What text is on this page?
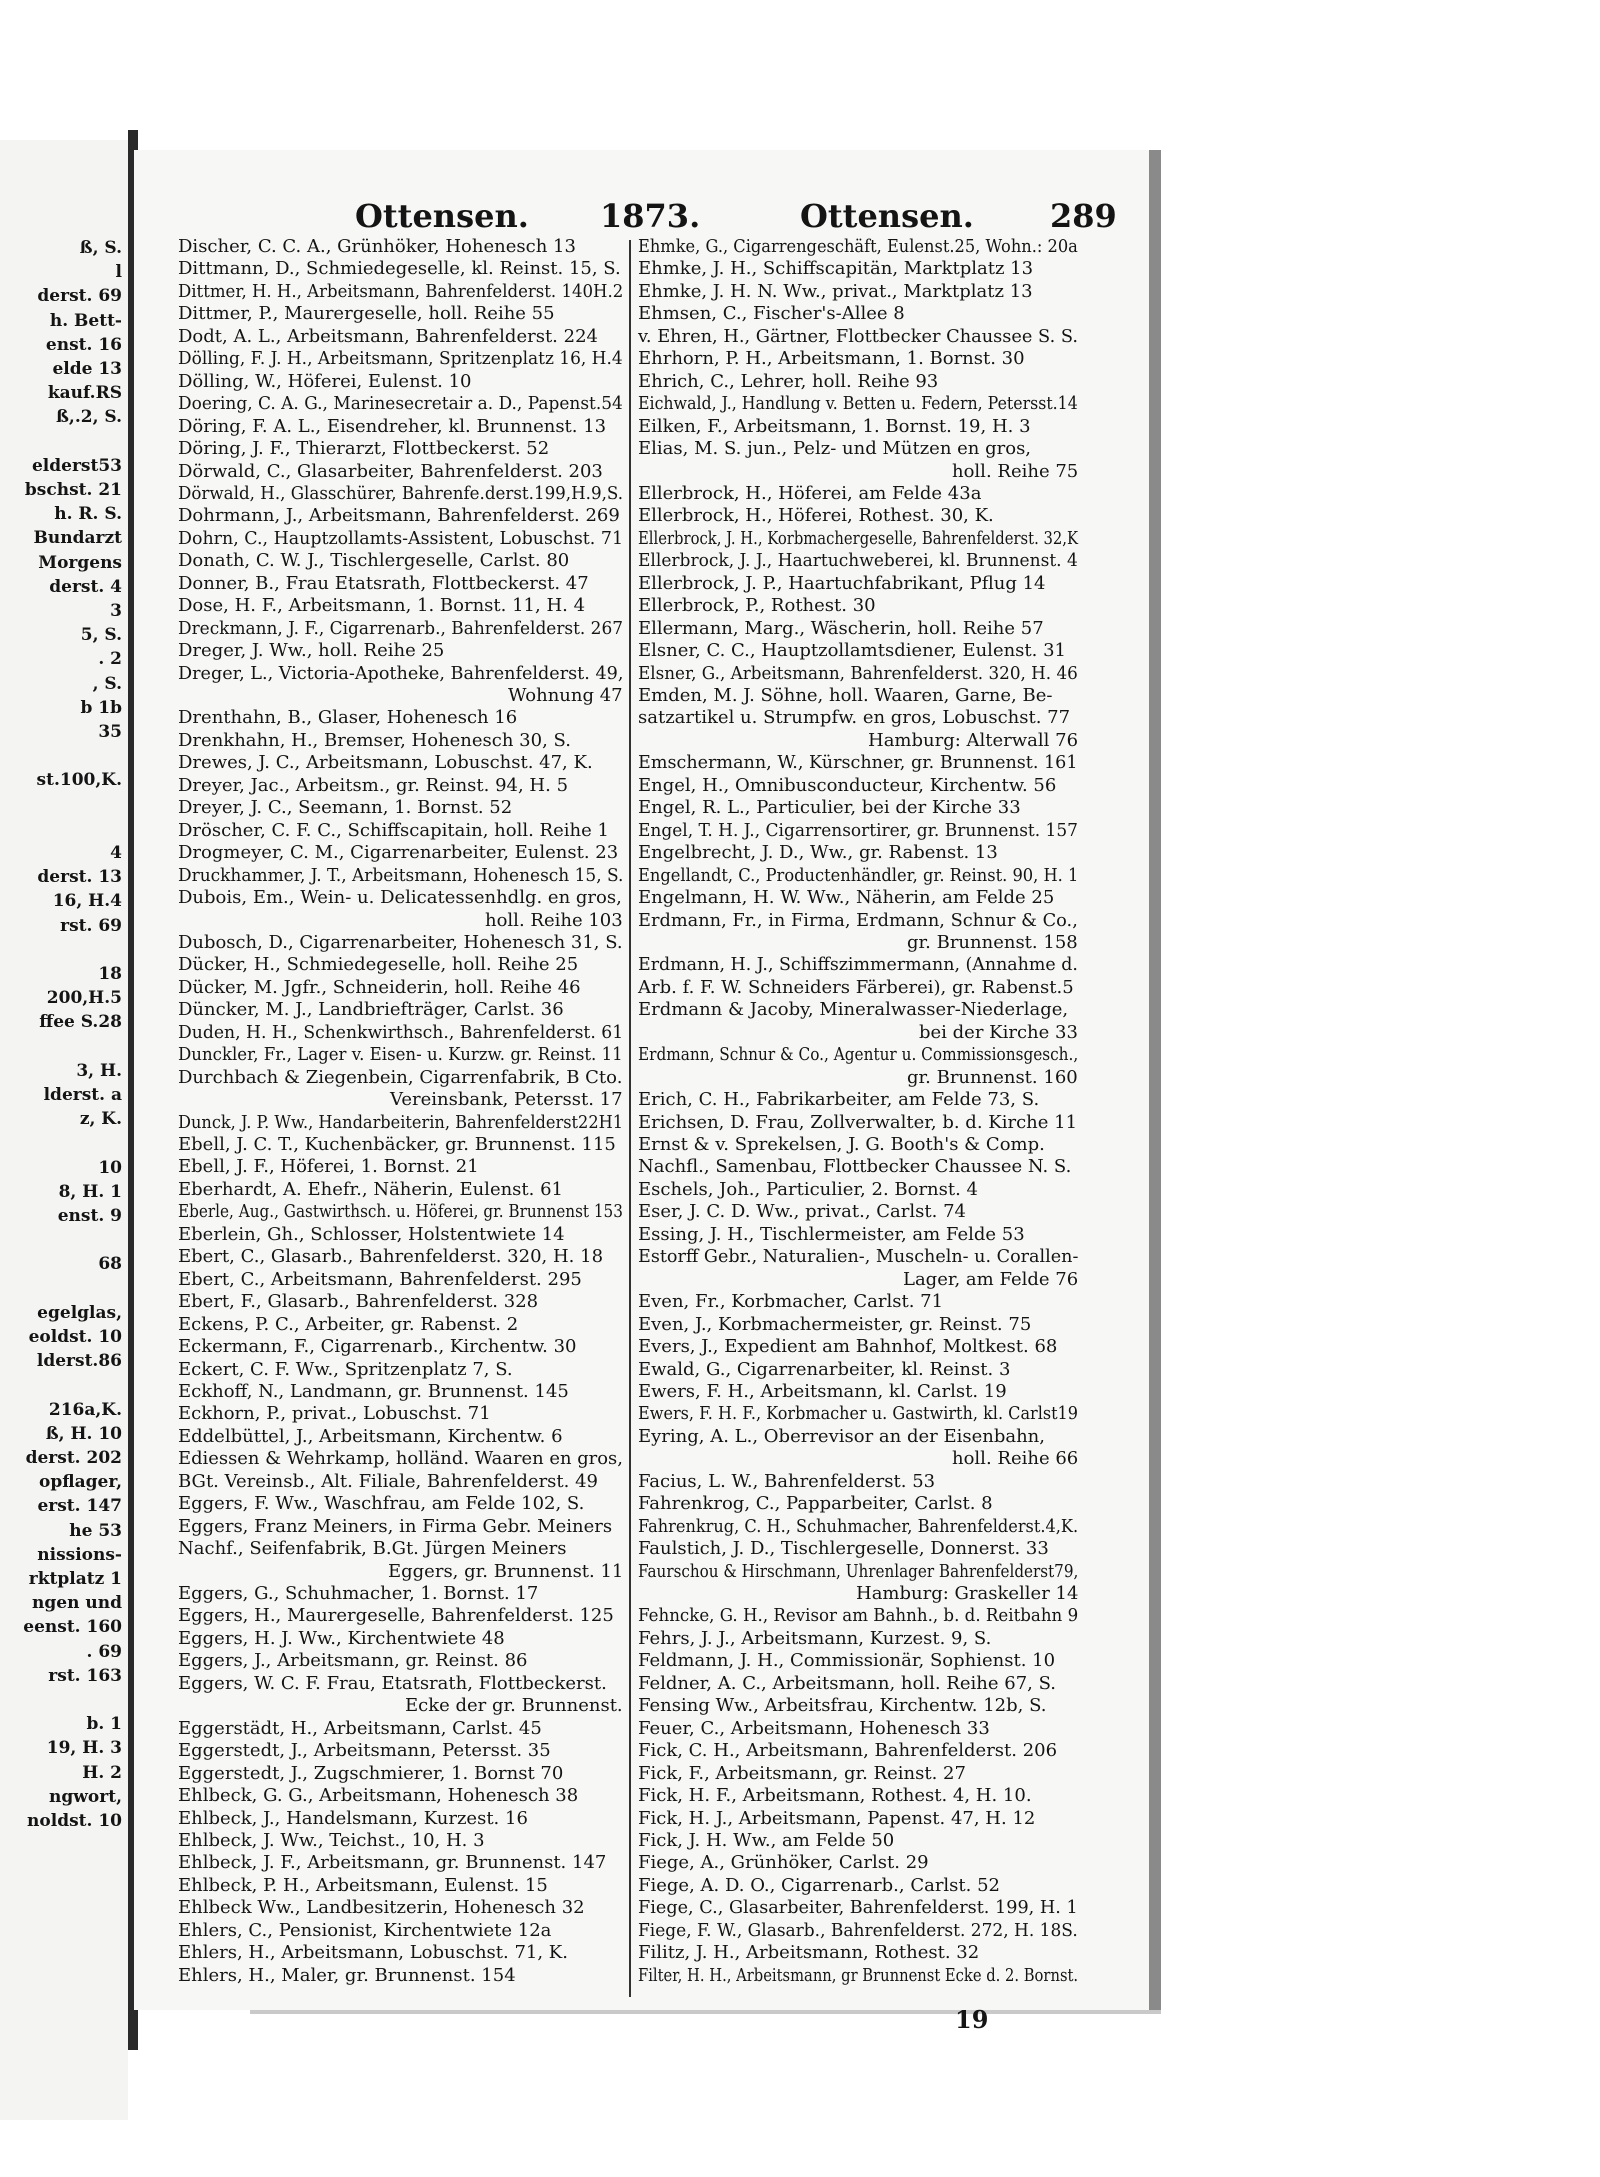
ß, S.
l
derst. 69
h. Bett-
enst. 16
elde 13
kauf.RS
ß,.2, S.
elderst53
bschst. 21
h. R. S.
Bundarzt
Morgens
derst. 4
3
5, S.
. 2
, S.
b 1b
35
st.100,K.
4
derst. 13
16, H.4
rst. 69
18
200,H.5
ffee S.28
3, H.
lderst. a
z, K.
10
8, H. 1
enst. 9
68
egelglas,
eoldst. 10
lderst.86
216a,K.
ß, H. 10
derst. 202
opflager,
erst. 147
he 53
nissions-
rktplatz 1
ngen und
eenst. 160
. 69
rst. 163
b. 1
19, H. 3
H. 2
ngwort,
noldst. 10
Ottensen. 1873.	Ottensen. 289
Discher, C. C. A., Grünhöker, Hohenesch 13
Dittmann, D., Schmiedegeselle, kl. Reinst. 15, S.
Dittmer, H. H., Arbeitsmann, Bahrenfelderst. 140H.2
Dittmer, P., Maurergeselle, holl. Reihe 55
Dodt, A. L., Arbeitsmann, Bahrenfelderst. 224
Dölling, F. J. H., Arbeitsmann, Spritzenplatz 16, H.4
Dölling, W., Höferei, Eulenst. 10
Doering, C. A. G., Marinesecretair a. D., Papenst.54
Döring, F. A. L., Eisendreher, kl. Brunnenst. 13
Döring, J. F., Thierarzt, Flottbeckerst. 52
Dörwald, C., Glasarbeiter, Bahrenfelderst. 203
Dörwald, H., Glasschürer, Bahrenfe.derst.199,H.9,S.
Dohrmann, J., Arbeitsmann, Bahrenfelderst. 269
Dohrn, C., Hauptzollamts-Assistent, Lobuschst. 71
Donath, C. W. J., Tischlergeselle, Carlst. 80
Donner, B., Frau Etatsrath, Flottbeckerst. 47
Dose, H. F., Arbeitsmann, 1. Bornst. 11, H. 4
Dreckmann, J. F., Cigarrenarb., Bahrenfelderst. 267
Dreger, J. Ww., holl. Reihe 25
Dreger, L., Victoria-Apotheke, Bahrenfelderst. 49,
Wohnung 47
Drenthahn, B., Glaser, Hohenesch 16
Drenkhahn, H., Bremser, Hohenesch 30, S.
Drewes, J. C., Arbeitsmann, Lobuschst. 47, K.
Dreyer, Jac., Arbeitsm., gr. Reinst. 94, H. 5
Dreyer, J. C., Seemann, 1. Bornst. 52
Dröscher, C. F. C., Schiffscapitain, holl. Reihe 1
Drogmeyer, C. M., Cigarrenarbeiter, Eulenst. 23
Druckhammer, J. T., Arbeitsmann, Hohenesch 15, S.
Dubois, Em., Wein- u. Delicatessenhdlg. en gros,
holl. Reihe 103
Dubosch, D., Cigarrenarbeiter, Hohenesch 31, S.
Dücker, H., Schmiedegeselle, holl. Reihe 25
Dücker, M. Jgfr., Schneiderin, holl. Reihe 46
Düncker, M. J., Landbriefträger, Carlst. 36
Duden, H. H., Schenkwirthsch., Bahrenfelderst. 61
Dunckler, Fr., Lager v. Eisen- u. Kurzw. gr. Reinst. 11
Durchbach & Ziegenbein, Cigarrenfabrik, B Cto.
Vereinsbank, Petersst. 17
Dunck, J. P. Ww., Handarbeiterin, Bahrenfelderst22H1
Ebell, J. C. T., Kuchenbäcker, gr. Brunnenst. 115
Ebell, J. F., Höferei, 1. Bornst. 21
Eberhardt, A. Ehefr., Näherin, Eulenst. 61
Eberle, Aug., Gastwirthsch. u. Höferei, gr. Brunnenst 153
Eberlein, Gh., Schlosser, Holstentwiete 14
Ebert, C., Glasarb., Bahrenfelderst. 320, H. 18
Ebert, C., Arbeitsmann, Bahrenfelderst. 295
Ebert, F., Glasarb., Bahrenfelderst. 328
Eckens, P. C., Arbeiter, gr. Rabenst. 2
Eckermann, F., Cigarrenarb., Kirchentw. 30
Eckert, C. F. Ww., Spritzenplatz 7, S.
Eckhoff, N., Landmann, gr. Brunnenst. 145
Eckhorn, P., privat., Lobuschst. 71
Eddelbüttel, J., Arbeitsmann, Kirchentw. 6
Ediessen & Wehrkamp, holländ. Waaren en gros,
BGt. Vereinsb., Alt. Filiale, Bahrenfelderst. 49
Eggers, F. Ww., Waschfrau, am Felde 102, S.
Eggers, Franz Meiners, in Firma Gebr. Meiners
Nachf., Seifenfabrik, B.Gt. Jürgen Meiners
Eggers, gr. Brunnenst. 11
Eggers, G., Schuhmacher, 1. Bornst. 17
Eggers, H., Maurergeselle, Bahrenfelderst. 125
Eggers, H. J. Ww., Kirchentwiete 48
Eggers, J., Arbeitsmann, gr. Reinst. 86
Eggers, W. C. F. Frau, Etatsrath, Flottbeckerst.
Ecke der gr. Brunnenst.
Eggerstädt, H., Arbeitsmann, Carlst. 45
Eggerstedt, J., Arbeitsmann, Petersst. 35
Eggerstedt, J., Zugschmierer, 1. Bornst 70
Ehlbeck, G. G., Arbeitsmann, Hohenesch 38
Ehlbeck, J., Handelsmann, Kurzest. 16
Ehlbeck, J. Ww., Teichst., 10, H. 3
Ehlbeck, J. F., Arbeitsmann, gr. Brunnenst. 147
Ehlbeck, P. H., Arbeitsmann, Eulenst. 15
Ehlbeck Ww., Landbesitzerin, Hohenesch 32
Ehlers, C., Pensionist, Kirchentwiete 12a
Ehlers, H., Arbeitsmann, Lobuschst. 71, K.
Ehlers, H., Maler, gr. Brunnenst. 154
Ehmke, G., Cigarrengeschäft, Eulenst.25, Wohn.: 20a
Ehmke, J. H., Schiffscapitän, Marktplatz 13
Ehmke, J. H. N. Ww., privat., Marktplatz 13
Ehmsen, C., Fischer's-Allee 8
v. Ehren, H., Gärtner, Flottbecker Chaussee S. S.
Ehrhorn, P. H., Arbeitsmann, 1. Bornst. 30
Ehrich, C., Lehrer, holl. Reihe 93
Eichwald, J., Handlung v. Betten u. Federn, Petersst.14
Eilken, F., Arbeitsmann, 1. Bornst. 19, H. 3
Elias, M. S. jun., Pelz- und Mützen en gros,
holl. Reihe 75
Ellerbrock, H., Höferei, am Felde 43a
Ellerbrock, H., Höferei, Rothest. 30, K.
Ellerbrock, J. H., Korbmachergeselle, Bahrenfelderst. 32,K
Ellerbrock, J. J., Haartuchweberei, kl. Brunnenst. 4
Ellerbrock, J. P., Haartuchfabrikant, Pflug 14
Ellerbrock, P., Rothest. 30
Ellermann, Marg., Wäscherin, holl. Reihe 57
Elsner, C. C., Hauptzollamtsdiener, Eulenst. 31
Elsner, G., Arbeitsmann, Bahrenfelderst. 320, H. 46
Emden, M. J. Söhne, holl. Waaren, Garne, Be-
satzartikel u. Strumpfw. en gros, Lobuschst. 77
Hamburg: Alterwall 76
Emschermann, W., Kürschner, gr. Brunnenst. 161
Engel, H., Omnibusconducteur, Kirchentw. 56
Engel, R. L., Particulier, bei der Kirche 33
Engel, T. H. J., Cigarrensortirer, gr. Brunnenst. 157
Engelbrecht, J. D., Ww., gr. Rabenst. 13
Engellandt, C., Productenhändler, gr. Reinst. 90, H. 1
Engelmann, H. W. Ww., Näherin, am Felde 25
Erdmann, Fr., in Firma, Erdmann, Schnur & Co.,
gr. Brunnenst. 158
Erdmann, H. J., Schiffszimmermann, (Annahme d.
Arb. f. F. W. Schneiders Färberei), gr. Rabenst.5
Erdmann & Jacoby, Mineralwasser-Niederlage,
bei der Kirche 33
Erdmann, Schnur & Co., Agentur u. Commissionsgesch.,
gr. Brunnenst. 160
Erich, C. H., Fabrikarbeiter, am Felde 73, S.
Erichsen, D. Frau, Zollverwalter, b. d. Kirche 11
Ernst & v. Sprekelsen, J. G. Booth's & Comp.
Nachfl., Samenbau, Flottbecker Chaussee N. S.
Eschels, Joh., Particulier, 2. Bornst. 4
Eser, J. C. D. Ww., privat., Carlst. 74
Essing, J. H., Tischlermeister, am Felde 53
Estorff Gebr., Naturalien-, Muscheln- u. Corallen-
Lager, am Felde 76
Even, Fr., Korbmacher, Carlst. 71
Even, J., Korbmachermeister, gr. Reinst. 75
Evers, J., Expedient am Bahnhof, Moltkest. 68
Ewald, G., Cigarrenarbeiter, kl. Reinst. 3
Ewers, F. H., Arbeitsmann, kl. Carlst. 19
Ewers, F. H. F., Korbmacher u. Gastwirth, kl. Carlst19
Eyring, A. L., Oberrevisor an der Eisenbahn,
holl. Reihe 66
Facius, L. W., Bahrenfelderst. 53
Fahrenkrog, C., Papparbeiter, Carlst. 8
Fahrenkrug, C. H., Schuhmacher, Bahrenfelderst.4,K.
Faulstich, J. D., Tischlergeselle, Donnerst. 33
Faurschou & Hirschmann, Uhrenlager Bahrenfelderst79,
Hamburg: Graskeller 14
Fehncke, G. H., Revisor am Bahnh., b. d. Reitbahn 9
Fehrs, J. J., Arbeitsmann, Kurzest. 9, S.
Feldmann, J. H., Commissionär, Sophienst. 10
Feldner, A. C., Arbeitsmann, holl. Reihe 67, S.
Fensing Ww., Arbeitsfrau, Kirchentw. 12b, S.
Feuer, C., Arbeitsmann, Hohenesch 33
Fick, C. H., Arbeitsmann, Bahrenfelderst. 206
Fick, F., Arbeitsmann, gr. Reinst. 27
Fick, H. F., Arbeitsmann, Rothest. 4, H. 10.
Fick, H. J., Arbeitsmann, Papenst. 47, H. 12
Fick, J. H. Ww., am Felde 50
Fiege, A., Grünhöker, Carlst. 29
Fiege, A. D. O., Cigarrenarb., Carlst. 52
Fiege, C., Glasarbeiter, Bahrenfelderst. 199, H. 1
Fiege, F. W., Glasarb., Bahrenfelderst. 272, H. 18S.
Filitz, J. H., Arbeitsmann, Rothest. 32
Filter, H. H., Arbeitsmann, gr Brunnenst Ecke d. 2. Bornst.
19
